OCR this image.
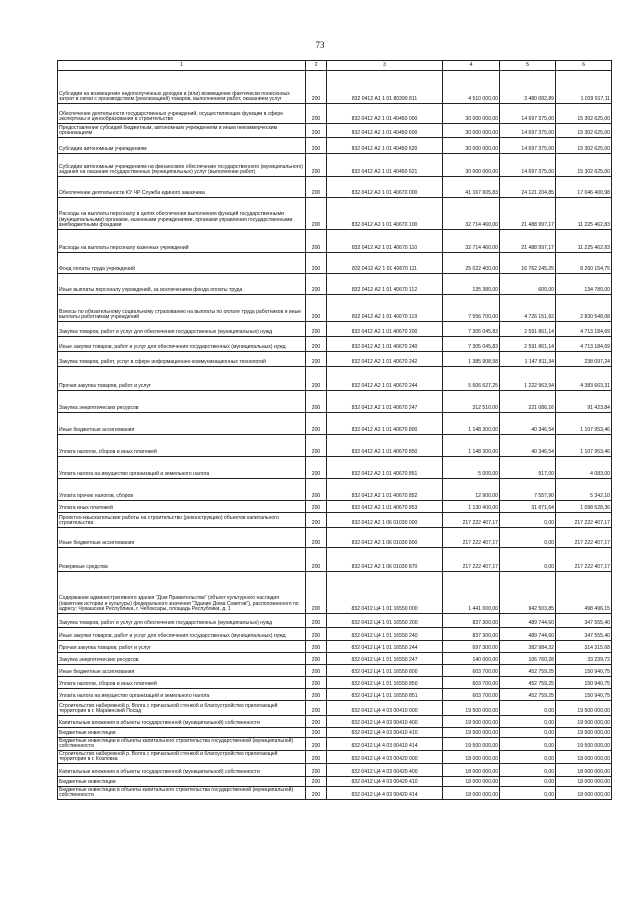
73
1	2	3	4	5	6
Субсидии на возмещение недополученных доходов и (или) возмещение фактически понесенных затрат в связи с производством (реализацией) товаров, выполнением работ, оказанием услуг	200	832 0412 А1 1 01 80390 811	4 510 000,00	3 480 082,89	1 029 917,11
Обеспечение деятельности государственных учреждений, осуществляющих функции в сфере экспертизы и ценообразования в строительстве	200	832 0412 А2 1 01 40450 000	30 000 000,00	14 697 375,00	15 302 625,00
Предоставление субсидий бюджетным, автономным учреждениям и иным некоммерческим организациям	200	832 0412 А2 1 01 40450 600	30 000 000,00	14 697 375,00	15 302 625,00
Субсидии автономным учреждениям	200	832 0412 А2 1 01 40450 620	30 000 000,00	14 697 375,00	15 302 625,00
Субсидии автономным учреждениям на финансовое обеспечение государственного (муниципального) задания на оказание государственных (муниципальных) услуг (выполнение работ)	200	832 0412 А2 1 01 40450 621	30 000 000,00	14 697 375,00	15 302 625,00
Обеспечение деятельности КУ ЧР Служба единого заказчика	200	832 0412 А2 1 01 40670 000	41 167 605,83	24 121 204,85	17 046 400,98
Расходы на выплаты персоналу в целях обеспечения выполнения функций государственными (муниципальными) органами, казенными учреждениями, органами управления государственными внебюджетными фондами	200	832 0412 А2 1 01 40670 100	32 714 460,00	21 488 997,17	11 225 462,83
Расходы на выплаты персоналу казенных учреждений	200	832 0412 А2 1 01 40670 110	32 714 460,00	21 488 997,17	11 225 462,83
Фонд оплаты труда учреждений	200	832 0412 А2 1 01 40670 111	25 022 400,00	16 762 245,25	8 260 154,75
Иные выплаты персоналу учреждений, за исключением фонда оплаты труда	200	832 0412 А2 1 01 40670 112	135 380,00	600,00	134 780,00
Взносы по обязательному социальному страхованию на выплаты по оплате труда работников и иные выплаты работникам учреждений	200	832 0412 А2 1 01 40670 119	7 556 700,00	4 726 151,92	2 830 548,08
Закупка товаров, работ и услуг для обеспечения государственных (муниципальных) нужд	200	832 0412 А2 1 01 40670 200	7 305 045,83	2 591 861,14	4 713 184,69
Иные закупки товаров, работ и услуг для обеспечения государственных (муниципальных) нужд	200	832 0412 А2 1 01 40670 240	7 305 045,83	2 591 861,14	4 713 184,69
Закупка товаров, работ, услуг в сфере информационно-коммуникационных технологий	200	832 0412 А2 1 01 40670 242	1 385 908,58	1 147 811,34	238 097,24
Прочая закупка товаров, работ и услуг	200	832 0412 А2 1 01 40670 244	5 606 627,25	1 222 963,94	4 383 663,31
Закупка энергетических ресурсов	200	832 0412 А2 1 01 40670 247	312 510,00	221 086,16	91 423,84
Иные бюджетные ассигнования	200	832 0412 А2 1 01 40670 800	1 148 300,00	40 346,54	1 107 953,46
Уплата налогов, сборов и иных платежей	200	832 0412 А2 1 01 40670 850	1 148 300,00	40 346,54	1 107 953,46
Уплата налога на имущество организаций и земельного налога	200	832 0412 А2 1 01 40670 851	5 000,00	917,00	4 083,00
Уплата прочих налогов, сборов	200	832 0412 А2 1 01 40670 852	12 900,00	7 557,90	5 342,10
Уплата иных платежей	200	832 0412 А2 1 01 40670 853	1 130 400,00	31 871,64	1 098 528,36
Проектно-изыскательские работы на строительство (реконструкцию) объектов капитального строительства	200	832 0412 А2 1 06 01030 000	217 222 407,17	0,00	217 222 407,17
Иные бюджетные ассигнования	200	832 0412 А2 1 06 01030 800	217 222 407,17	0,00	217 222 407,17
Резервные средства	200	832 0412 А2 1 06 01030 870	217 222 407,17	0,00	217 222 407,17
Содержание административного здания "Дом Правительства" (объект культурного наследия (памятник истории и культуры) федерального значения "Здание Дома Советов"), расположенного по адресу: Чувашская Республика, г. Чебоксары, площадь Республики, д. 1	200	832 0412 Ц4 1 01 16550 000	1 441 000,00	942 503,85	498 496,15
Закупка товаров, работ и услуг для обеспечения государственных (муниципальных) нужд	200	832 0412 Ц4 1 01 16550 200	837 300,00	489 744,60	347 555,40
Иные закупки товаров, работ и услуг для обеспечения государственных (муниципальных) нужд	200	832 0412 Ц4 1 01 16550 240	837 300,00	489 744,60	347 555,40
Прочая закупка товаров, работ и услуг	200	832 0412 Ц4 1 01 16550 244	697 300,00	382 984,32	314 315,68
Закупка энергетических ресурсов	200	832 0412 Ц4 1 01 16550 247	140 000,00	106 760,28	33 239,72
Иные бюджетные ассигнования	200	832 0412 Ц4 1 01 16550 800	603 700,00	452 759,25	150 940,75
Уплата налогов, сборов и иных платежей	200	832 0412 Ц4 1 01 16550 850	603 700,00	452 759,25	150 940,75
Уплата налога на имущество организаций и земельного налога	200	832 0412 Ц4 1 01 16550 851	603 700,00	452 759,25	150 940,75
Строительство набережной р. Волга с причальной стенкой и благоустройство прилегающей территории в г. Мариинский Посад	200	832 0412 Ц4 4 03 00410 000	19 500 000,00	0,00	19 500 000,00
Капитальные вложения в объекты государственной (муниципальной) собственности	200	832 0412 Ц4 4 03 00410 400	19 500 000,00	0,00	19 500 000,00
Бюджетные инвестиции	200	832 0412 Ц4 4 03 00410 410	19 500 000,00	0,00	19 500 000,00
Бюджетные инвестиции в объекты капитального строительства государственной (муниципальной) собственности	200	832 0412 Ц4 4 03 00410 414	19 500 000,00	0,00	19 500 000,00
Строительство набережной р. Волга с причальной стенкой и благоустройство прилегающей территории в г. Козловка	200	832 0412 Ц4 4 03 00420 000	18 000 000,00	0,00	18 000 000,00
Капитальные вложения в объекты государственной (муниципальной) собственности	200	832 0412 Ц4 4 03 00420 400	18 000 000,00	0,00	18 000 000,00
Бюджетные инвестиции	200	832 0412 Ц4 4 03 00420 410	18 000 000,00	0,00	18 000 000,00
Бюджетные инвестиции в объекты капитального строительства государственной (муниципальной) собственности	200	832 0412 Ц4 4 03 00420 414	18 000 000,00	0,00	18 000 000,00
